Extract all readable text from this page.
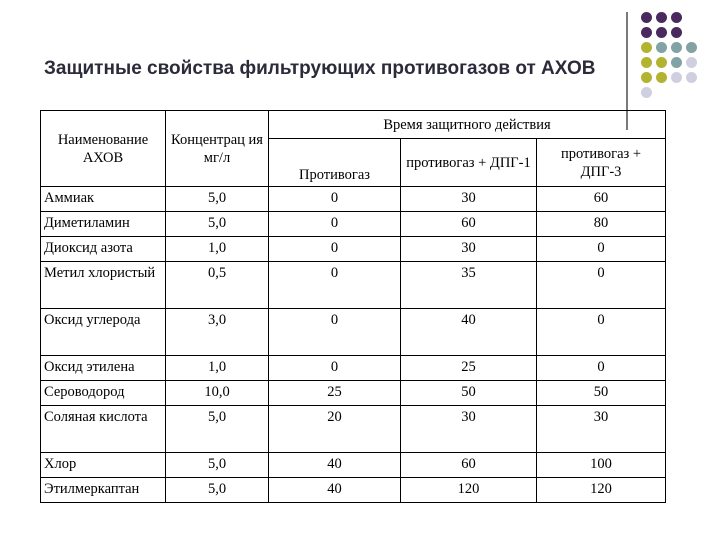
Защитные свойства фильтрующих противогазов от АХОВ
Наименование АХОВ	Концентрац ия мг/л	Время защитного действия		
		Противогаз	противогаз + ДПГ-1	противогаз + ДПГ-3
Аммиак	5,0	0	30	60
Диметиламин	5,0	0	60	80
Диоксид азота	1,0	0	30	0
Метил хлористый	0,5	0	35	0
Оксид углерода	3,0	0	40	0
Оксид этилена	1,0	0	25	0
Сероводород	10,0	25	50	50
Соляная кислота	5,0	20	30	30
Хлор	5,0	40	60	100
Этилмеркаптан	5,0	40	120	120
